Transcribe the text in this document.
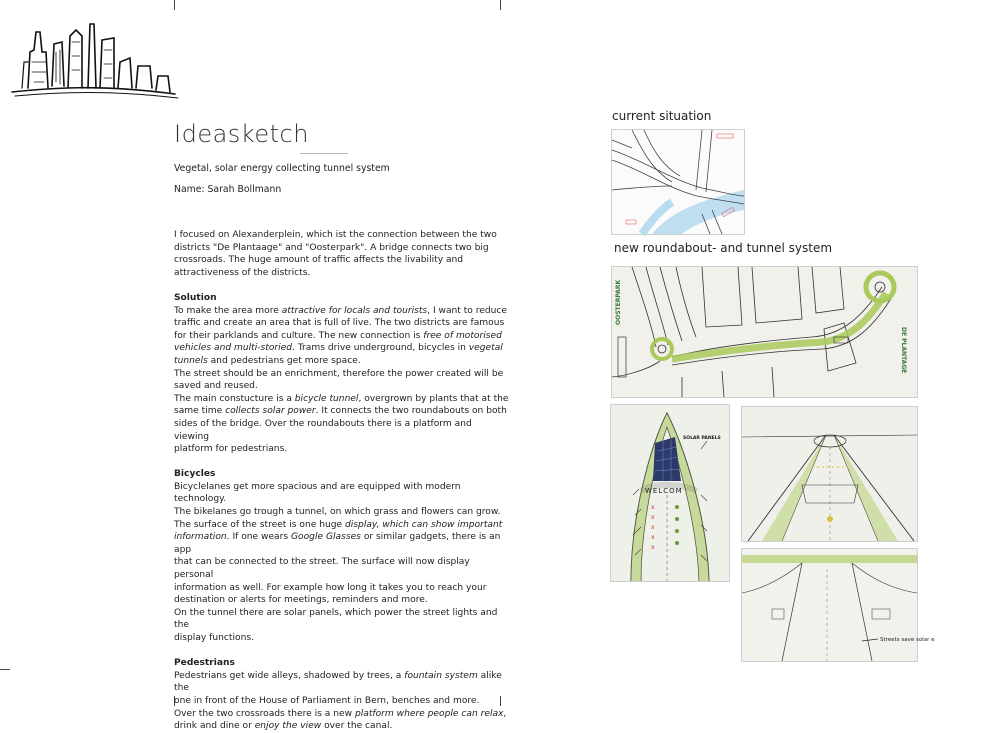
Ideasketch
Vegetal, solar energy collecting tunnel system
Name: Sarah Bollmann

I focused on Alexanderplein, which ist the connection between the two

districts "De Plantaage" and "Oosterpark". A bridge connects two big

crossroads. The huge amount of traffic affects the livability and

attractiveness of the districts.

Solution

To make the area more attractive for locals and tourists, I want to reduce

traffic and create an area that is full of live. The two districts are famous

for their parklands and culture. The new connection is free of motorised

vehicles and multi-storied. Trams drive underground, bicycles in vegetal

tunnels and pedestrians get more space.

The street should be an enrichment, therefore the power created will be

saved and reused.

The main constucture is a bicycle tunnel, overgrown by plants that at the

same time collects solar power. It connects the two roundabouts on both

sides of the bridge. Over the roundabouts there is a platform and viewing

platform for pedestrians.

Bicycles

Bicyclelanes get more spacious and are equipped with modern technology.

The bikelanes go trough a tunnel, on which grass and flowers can grow.

The surface of the street is one huge display, which can show important

information. If one wears Google Glasses or similar gadgets, there is an app

that can be connected to the street. The surface will now display personal

information as well. For example how long it takes you to reach your

destination or alerts for meetings, reminders and more.

On the tunnel there are solar panels, which power the street lights and the

display functions.

Pedestrians

Pedestrians get wide alleys, shadowed by trees, a fountain system alike the

one in front of the House of Parliament in Bern, benches and more.

Over the two crossroads there is a new platform where people can relax,

drink and dine or enjoy the view over the canal.

current situation
new roundabout- and tunnel system
OOSTERPARK
DE PLANTAGE
SOLAR PANELS
WELCOM
x
x
x
x
x
Streets save solar e
